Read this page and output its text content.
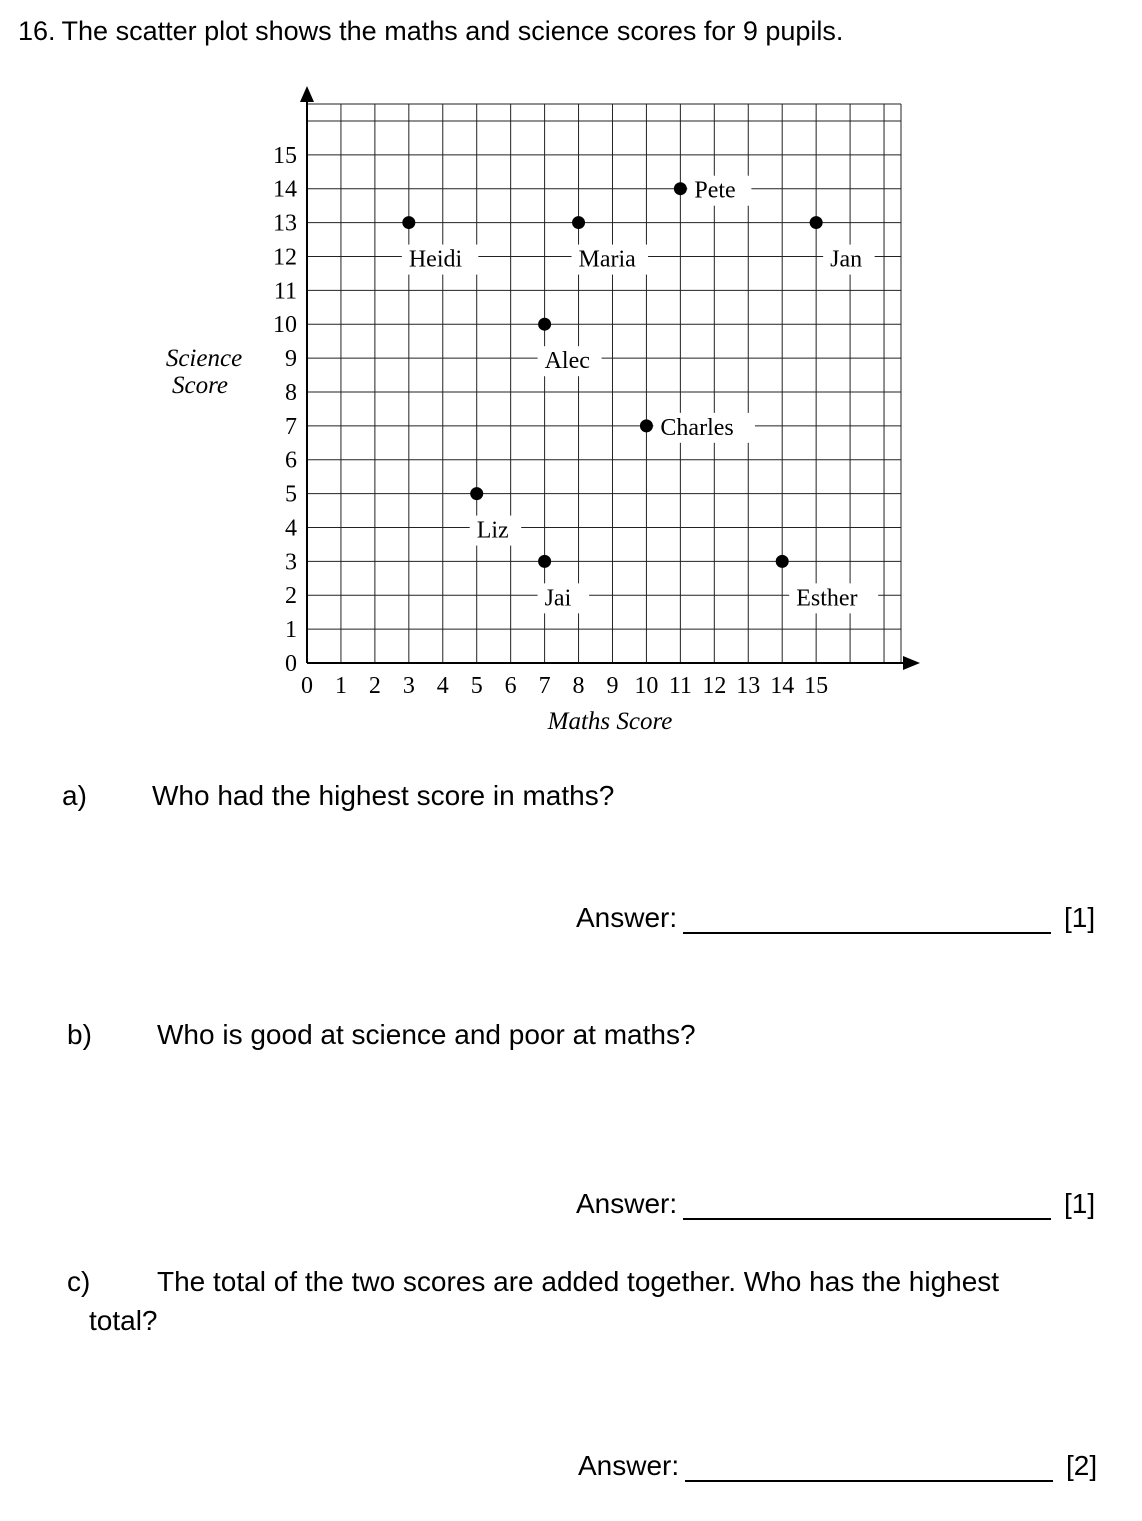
16. The scatter plot shows the maths and science scores for 9 pupils.
0 1 2 3 4 5 6 7 8 9 10 11 12 13 14 15
0
1
2
3
4
5
6
7
8
9
10
11
12
13
14
15
Heidi
Liz
Jai
Alec
Maria
Charles
Pete
Esther
Jan
Maths Score
Science
Score
a) Who had the highest score in maths?
Answer:	[1]
b) Who is good at science and poor at maths?
Answer:	[1]
c) The total of the two scores are added together. Who has the highest
total?
Answer:	[2]
